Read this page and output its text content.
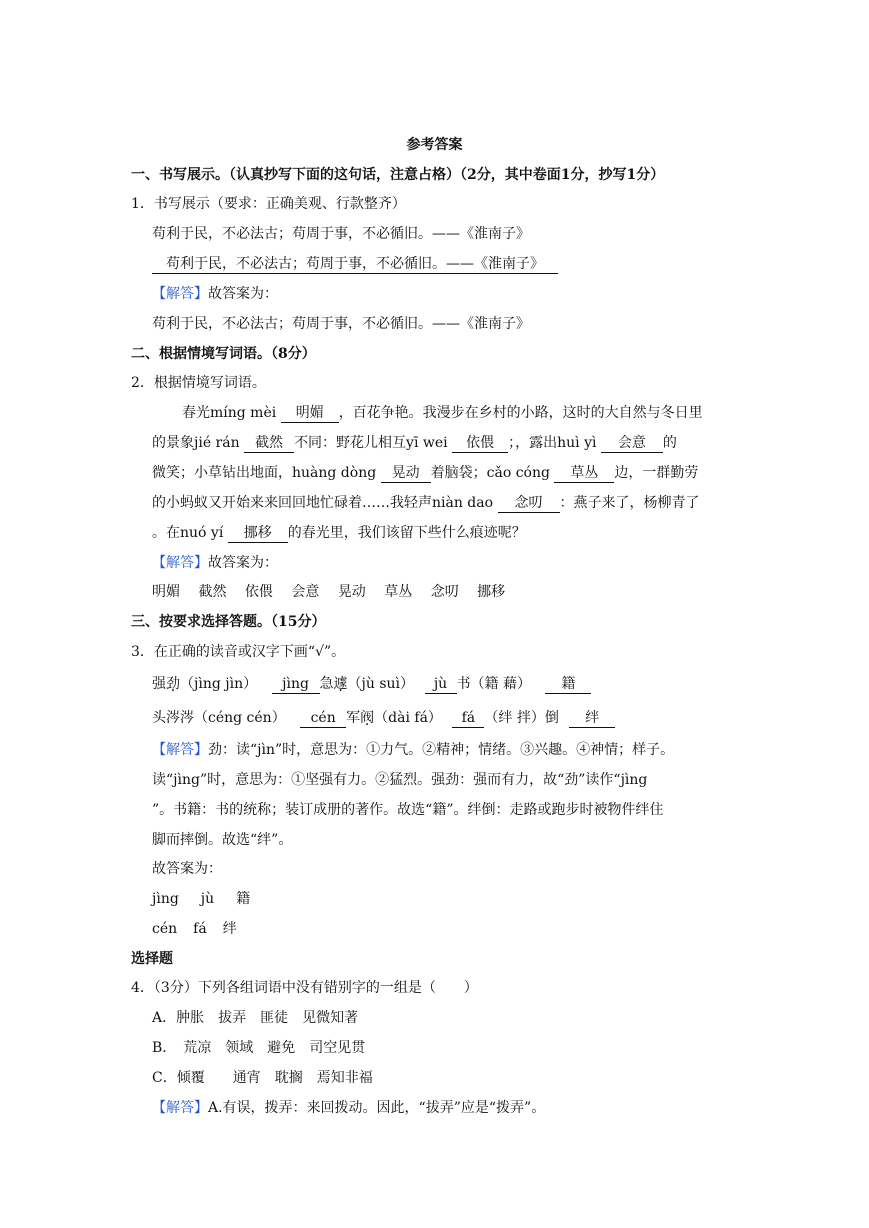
参考答案
一、书写展示。（认真抄写下面的这句话，注意占格）（2分，其中卷面1分，抄写1分）
1．书写展示（要求：正确美观、行款整齐）
苟利于民，不必法古；苟周于事，不必循旧。——《淮南子》
苟利于民，不必法古；苟周于事，不必循旧。——《淮南子》
【解答】故答案为：
苟利于民，不必法古；苟周于事，不必循旧。——《淮南子》
二、根据情境写词语。（8分）
2．根据情境写词语。
春光míng mèi 明媚 ，百花争艳。我漫步在乡村的小路，这时的大自然与冬日里
的景象jié rán 截然 不同：野花儿相互yī wei 依偎 ；，露出huì yì 会意 的
微笑；小草钻出地面，huàng dòng 晃动 着脑袋；cǎo cóng 草丛 边，一群勤劳
的小蚂蚁又开始来来回回地忙碌着……我轻声niàn dao 念叨 ：燕子来了，杨柳青了
。在nuó yí 挪移 的春光里，我们该留下些什么痕迹呢？
【解答】故答案为：
明媚 截然 依偎 会意 晃动 草丛 念叨 挪移
三、按要求选择答题。（15分）
3．在正确的读音或汉字下画“√”。
强劲（jìng jìn） jìng 急遽（jù suì） jù 书（籍 藉） 籍
头涔涔（céng cén） cén 军阀（dài fá） fá （绊 拌）倒 绊
【解答】劲：读“jìn”时，意思为：①力气。②精神；情绪。③兴趣。④神情；样子。
读“jìng”时，意思为：①坚强有力。②猛烈。强劲：强而有力，故“劲”读作“jìng
”。书籍：书的统称；装订成册的著作。故选“籍”。绊倒：走路或跑步时被物件绊住
脚而摔倒。故选“绊”。
故答案为：
jìng jù 籍
cén fá 绊
选择题
4．（3分）下列各组词语中没有错别字的一组是（　　）
A．肿胀　拔弄　匪徒　见微知著
B．　荒凉　领域　避免　司空见贯
C．倾覆　　通宵　耽搁　焉知非福
【解答】A.有误，拨弄：来回拨动。因此，“拔弄”应是“拨弄”。
